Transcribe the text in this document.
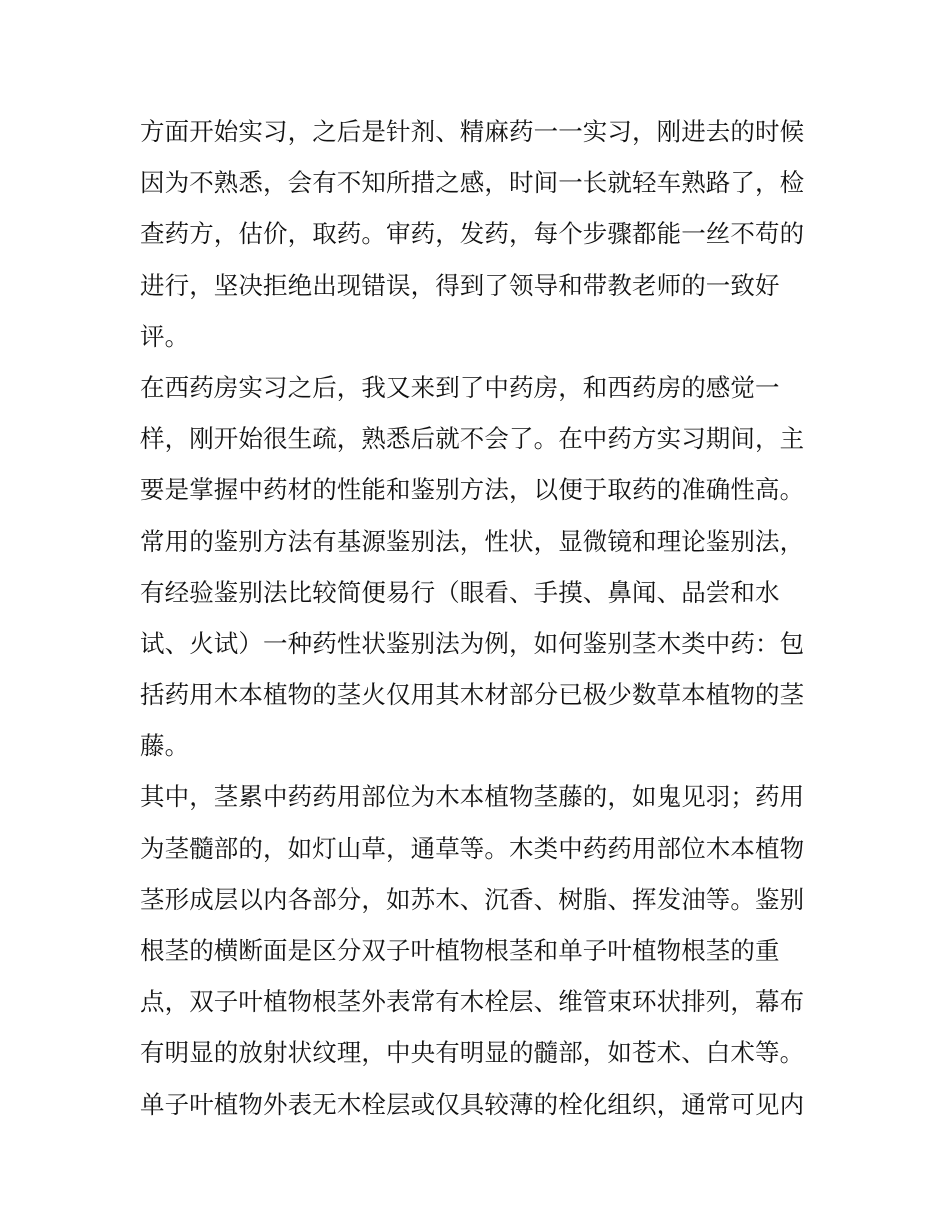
方面开始实习，之后是针剂、精麻药一一实习，刚进去的时候
因为不熟悉，会有不知所措之感，时间一长就轻车熟路了，检
查药方，估价，取药。审药，发药，每个步骤都能一丝不苟的
进行，坚决拒绝出现错误，得到了领导和带教老师的一致好
评。
在西药房实习之后，我又来到了中药房，和西药房的感觉一
样，刚开始很生疏，熟悉后就不会了。在中药方实习期间，主
要是掌握中药材的性能和鉴别方法，以便于取药的准确性高。
常用的鉴别方法有基源鉴别法，性状，显微镜和理论鉴别法，
有经验鉴别法比较简便易行（眼看、手摸、鼻闻、品尝和水
试、火试）一种药性状鉴别法为例，如何鉴别茎木类中药：包
括药用木本植物的茎火仅用其木材部分已极少数草本植物的茎
藤。
其中，茎累中药药用部位为木本植物茎藤的，如鬼见羽；药用
为茎髓部的，如灯山草，通草等。木类中药药用部位木本植物
茎形成层以内各部分，如苏木、沉香、树脂、挥发油等。鉴别
根茎的横断面是区分双子叶植物根茎和单子叶植物根茎的重
点，双子叶植物根茎外表常有木栓层、维管束环状排列，幕布
有明显的放射状纹理，中央有明显的髓部，如苍术、白术等。
单子叶植物外表无木栓层或仅具较薄的栓化组织，通常可见内
